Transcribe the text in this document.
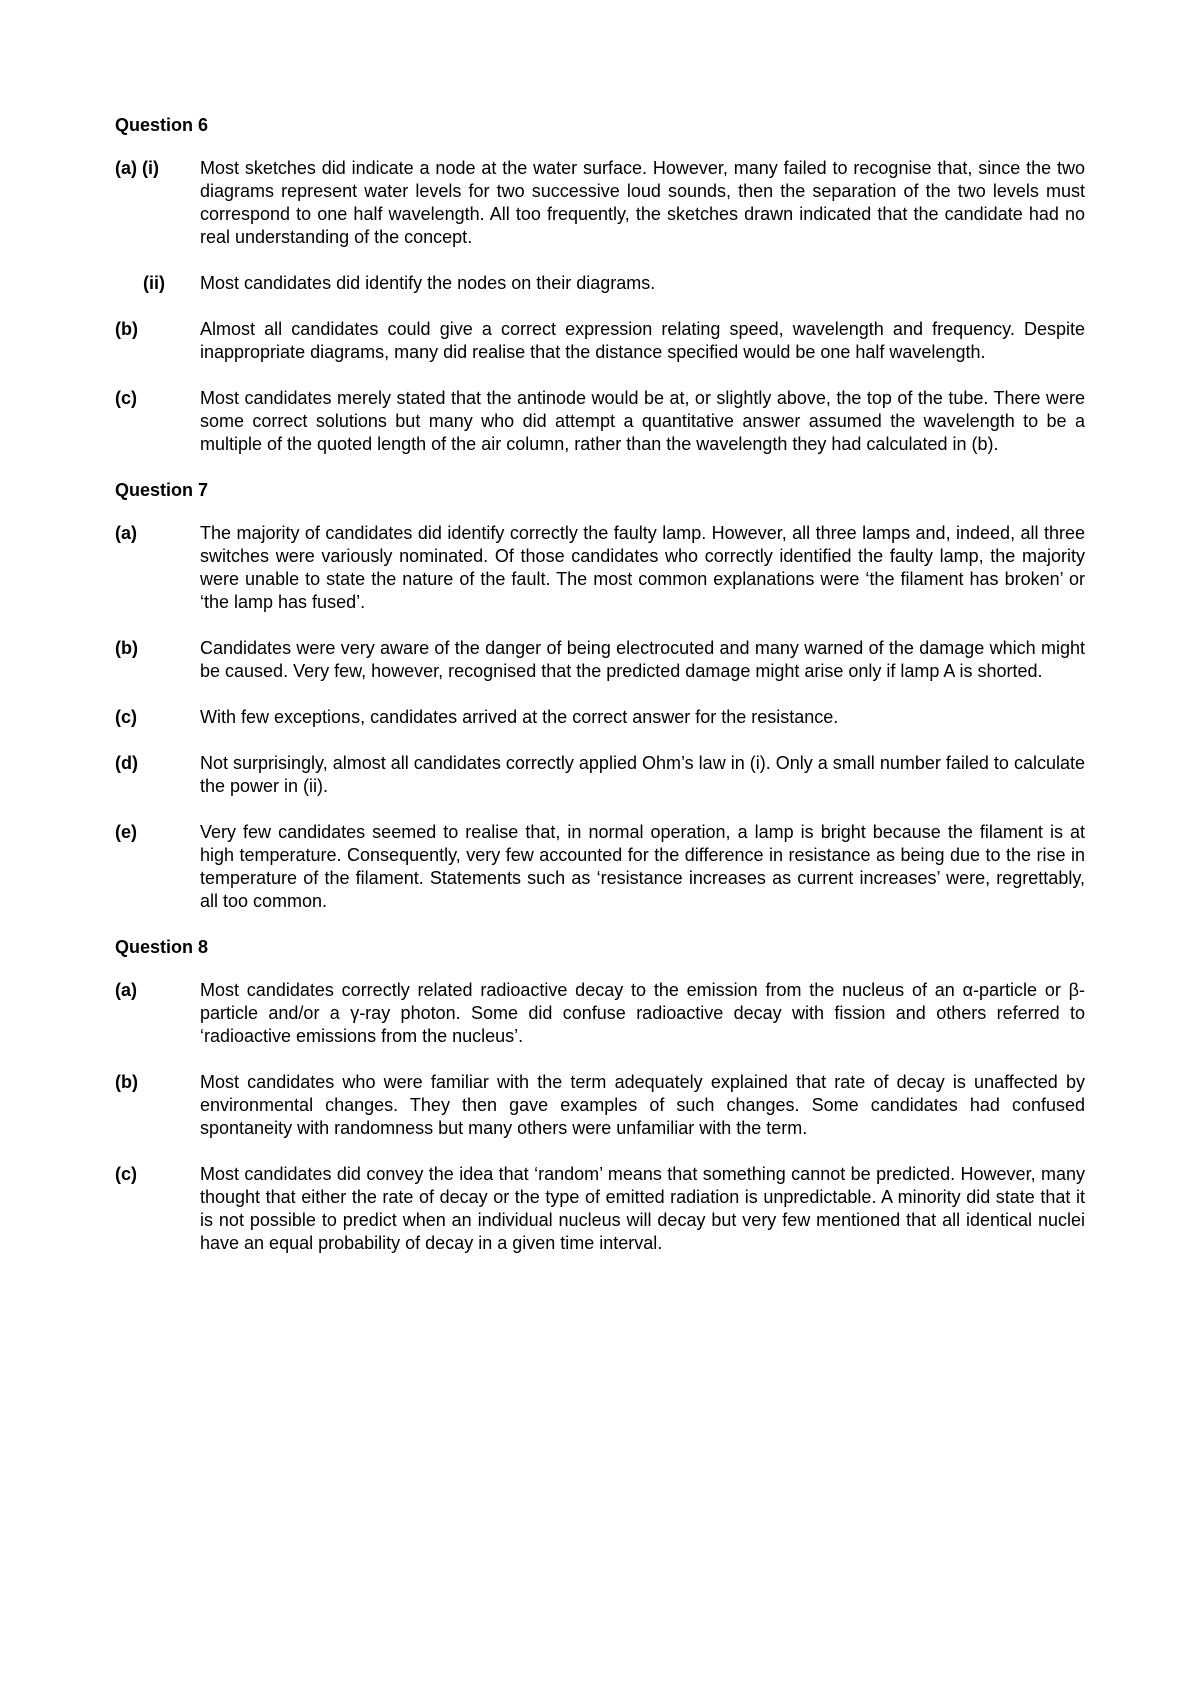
Question 6
(a) (i)	Most sketches did indicate a node at the water surface. However, many failed to recognise that, since the two diagrams represent water levels for two successive loud sounds, then the separation of the two levels must correspond to one half wavelength. All too frequently, the sketches drawn indicated that the candidate had no real understanding of the concept.
(ii)	Most candidates did identify the nodes on their diagrams.
(b)	Almost all candidates could give a correct expression relating speed, wavelength and frequency. Despite inappropriate diagrams, many did realise that the distance specified would be one half wavelength.
(c)	Most candidates merely stated that the antinode would be at, or slightly above, the top of the tube. There were some correct solutions but many who did attempt a quantitative answer assumed the wavelength to be a multiple of the quoted length of the air column, rather than the wavelength they had calculated in (b).
Question 7
(a)	The majority of candidates did identify correctly the faulty lamp. However, all three lamps and, indeed, all three switches were variously nominated. Of those candidates who correctly identified the faulty lamp, the majority were unable to state the nature of the fault. The most common explanations were ‘the filament has broken’ or ‘the lamp has fused’.
(b)	Candidates were very aware of the danger of being electrocuted and many warned of the damage which might be caused. Very few, however, recognised that the predicted damage might arise only if lamp A is shorted.
(c)	With few exceptions, candidates arrived at the correct answer for the resistance.
(d)	Not surprisingly, almost all candidates correctly applied Ohm’s law in (i). Only a small number failed to calculate the power in (ii).
(e)	Very few candidates seemed to realise that, in normal operation, a lamp is bright because the filament is at high temperature. Consequently, very few accounted for the difference in resistance as being due to the rise in temperature of the filament. Statements such as ‘resistance increases as current increases’ were, regrettably, all too common.
Question 8
(a)	Most candidates correctly related radioactive decay to the emission from the nucleus of an α-particle or β-particle and/or a γ-ray photon. Some did confuse radioactive decay with fission and others referred to ‘radioactive emissions from the nucleus’.
(b)	Most candidates who were familiar with the term adequately explained that rate of decay is unaffected by environmental changes. They then gave examples of such changes. Some candidates had confused spontaneity with randomness but many others were unfamiliar with the term.
(c)	Most candidates did convey the idea that ‘random’ means that something cannot be predicted. However, many thought that either the rate of decay or the type of emitted radiation is unpredictable. A minority did state that it is not possible to predict when an individual nucleus will decay but very few mentioned that all identical nuclei have an equal probability of decay in a given time interval.
